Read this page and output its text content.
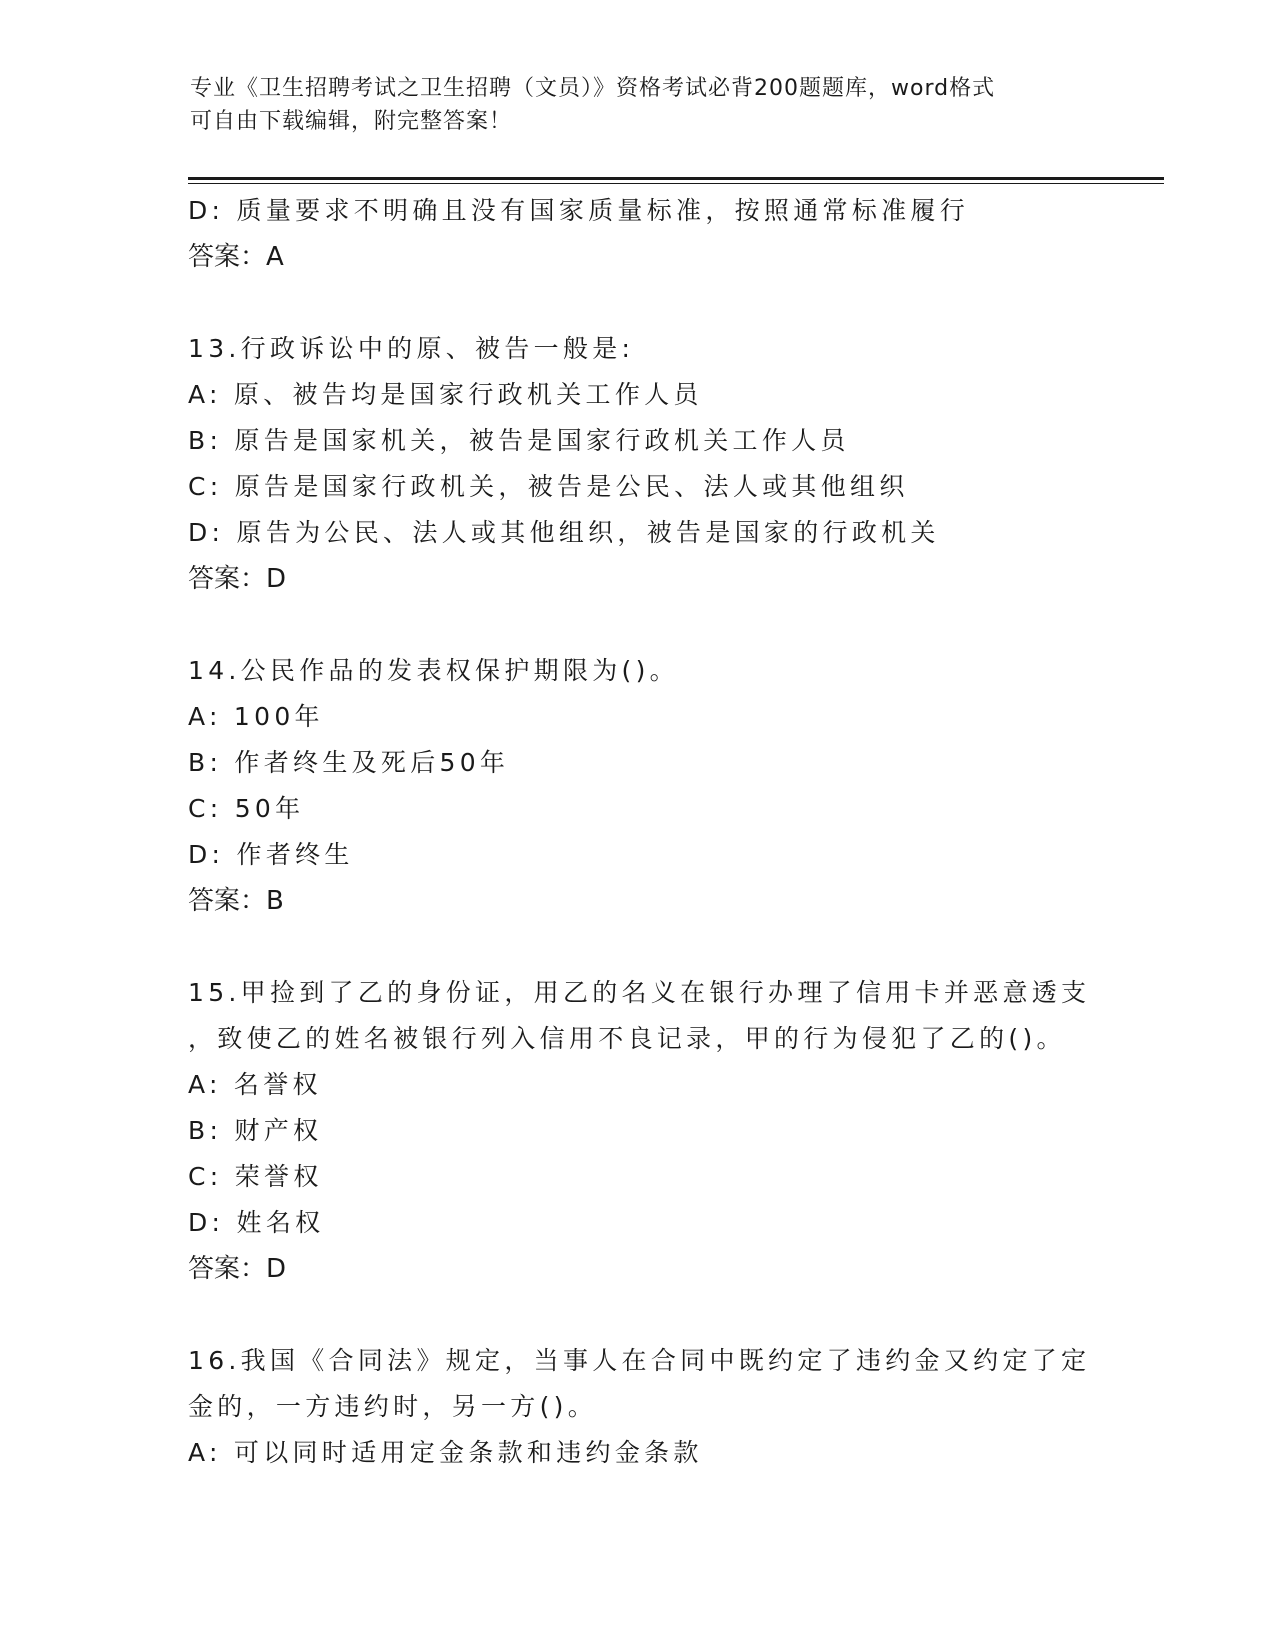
专业《卫生招聘考试之卫生招聘（文员）》资格考试必背200题题库，word格式
可自由下载编辑，附完整答案！
D: 质量要求不明确且没有国家质量标准，按照通常标准履行
答案：A
13.行政诉讼中的原、被告一般是:
A: 原、被告均是国家行政机关工作人员
B: 原告是国家机关，被告是国家行政机关工作人员
C: 原告是国家行政机关，被告是公民、法人或其他组织
D: 原告为公民、法人或其他组织，被告是国家的行政机关
答案：D
14.公民作品的发表权保护期限为()。
A: 100年
B: 作者终生及死后50年
C: 50年
D: 作者终生
答案：B
15.甲捡到了乙的身份证，用乙的名义在银行办理了信用卡并恶意透支
，致使乙的姓名被银行列入信用不良记录，甲的行为侵犯了乙的()。
A: 名誉权
B: 财产权
C: 荣誉权
D: 姓名权
答案：D
16.我国《合同法》规定，当事人在合同中既约定了违约金又约定了定
金的，一方违约时，另一方()。
A: 可以同时适用定金条款和违约金条款
